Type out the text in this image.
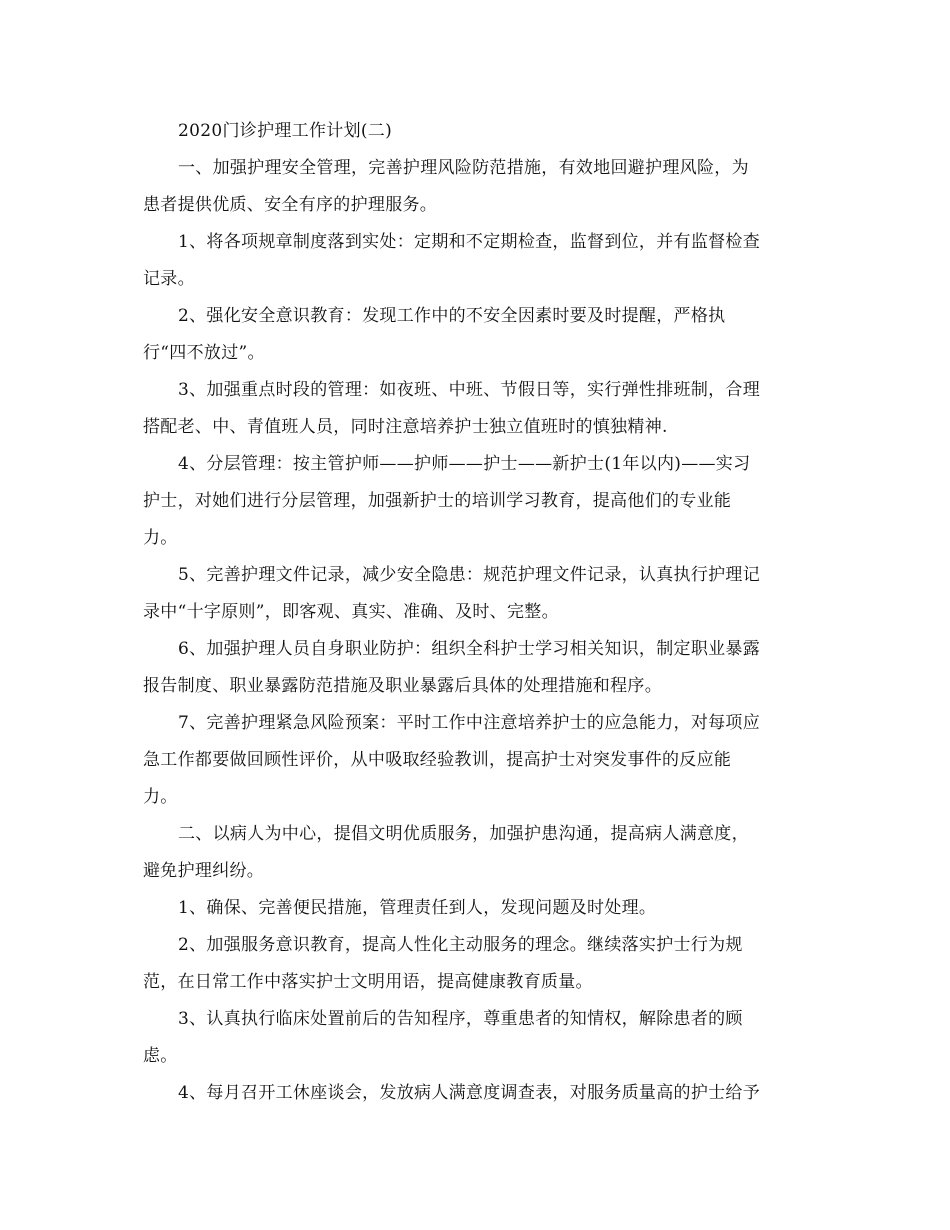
2020门诊护理工作计划(二)
一、加强护理安全管理，完善护理风险防范措施，有效地回避护理风险，为
患者提供优质、安全有序的护理服务。
1、将各项规章制度落到实处：定期和不定期检查，监督到位，并有监督检查
记录。
2、强化安全意识教育：发现工作中的不安全因素时要及时提醒，严格执
行“四不放过”。
3、加强重点时段的管理：如夜班、中班、节假日等，实行弹性排班制，合理
搭配老、中、青值班人员，同时注意培养护士独立值班时的慎独精神.
4、分层管理：按主管护师——护师——护士——新护士(1年以内)——实习
护士，对她们进行分层管理，加强新护士的培训学习教育，提高他们的专业能
力。
5、完善护理文件记录，减少安全隐患：规范护理文件记录，认真执行护理记
录中“十字原则”，即客观、真实、准确、及时、完整。
6、加强护理人员自身职业防护：组织全科护士学习相关知识，制定职业暴露
报告制度、职业暴露防范措施及职业暴露后具体的处理措施和程序。
7、完善护理紧急风险预案：平时工作中注意培养护士的应急能力，对每项应
急工作都要做回顾性评价，从中吸取经验教训，提高护士对突发事件的反应能
力。
二、以病人为中心，提倡文明优质服务，加强护患沟通，提高病人满意度，
避免护理纠纷。
1、确保、完善便民措施，管理责任到人，发现问题及时处理。
2、加强服务意识教育，提高人性化主动服务的理念。继续落实护士行为规
范，在日常工作中落实护士文明用语，提高健康教育质量。
3、认真执行临床处置前后的告知程序，尊重患者的知情权，解除患者的顾
虑。
4、每月召开工休座谈会，发放病人满意度调查表，对服务质量高的护士给予
